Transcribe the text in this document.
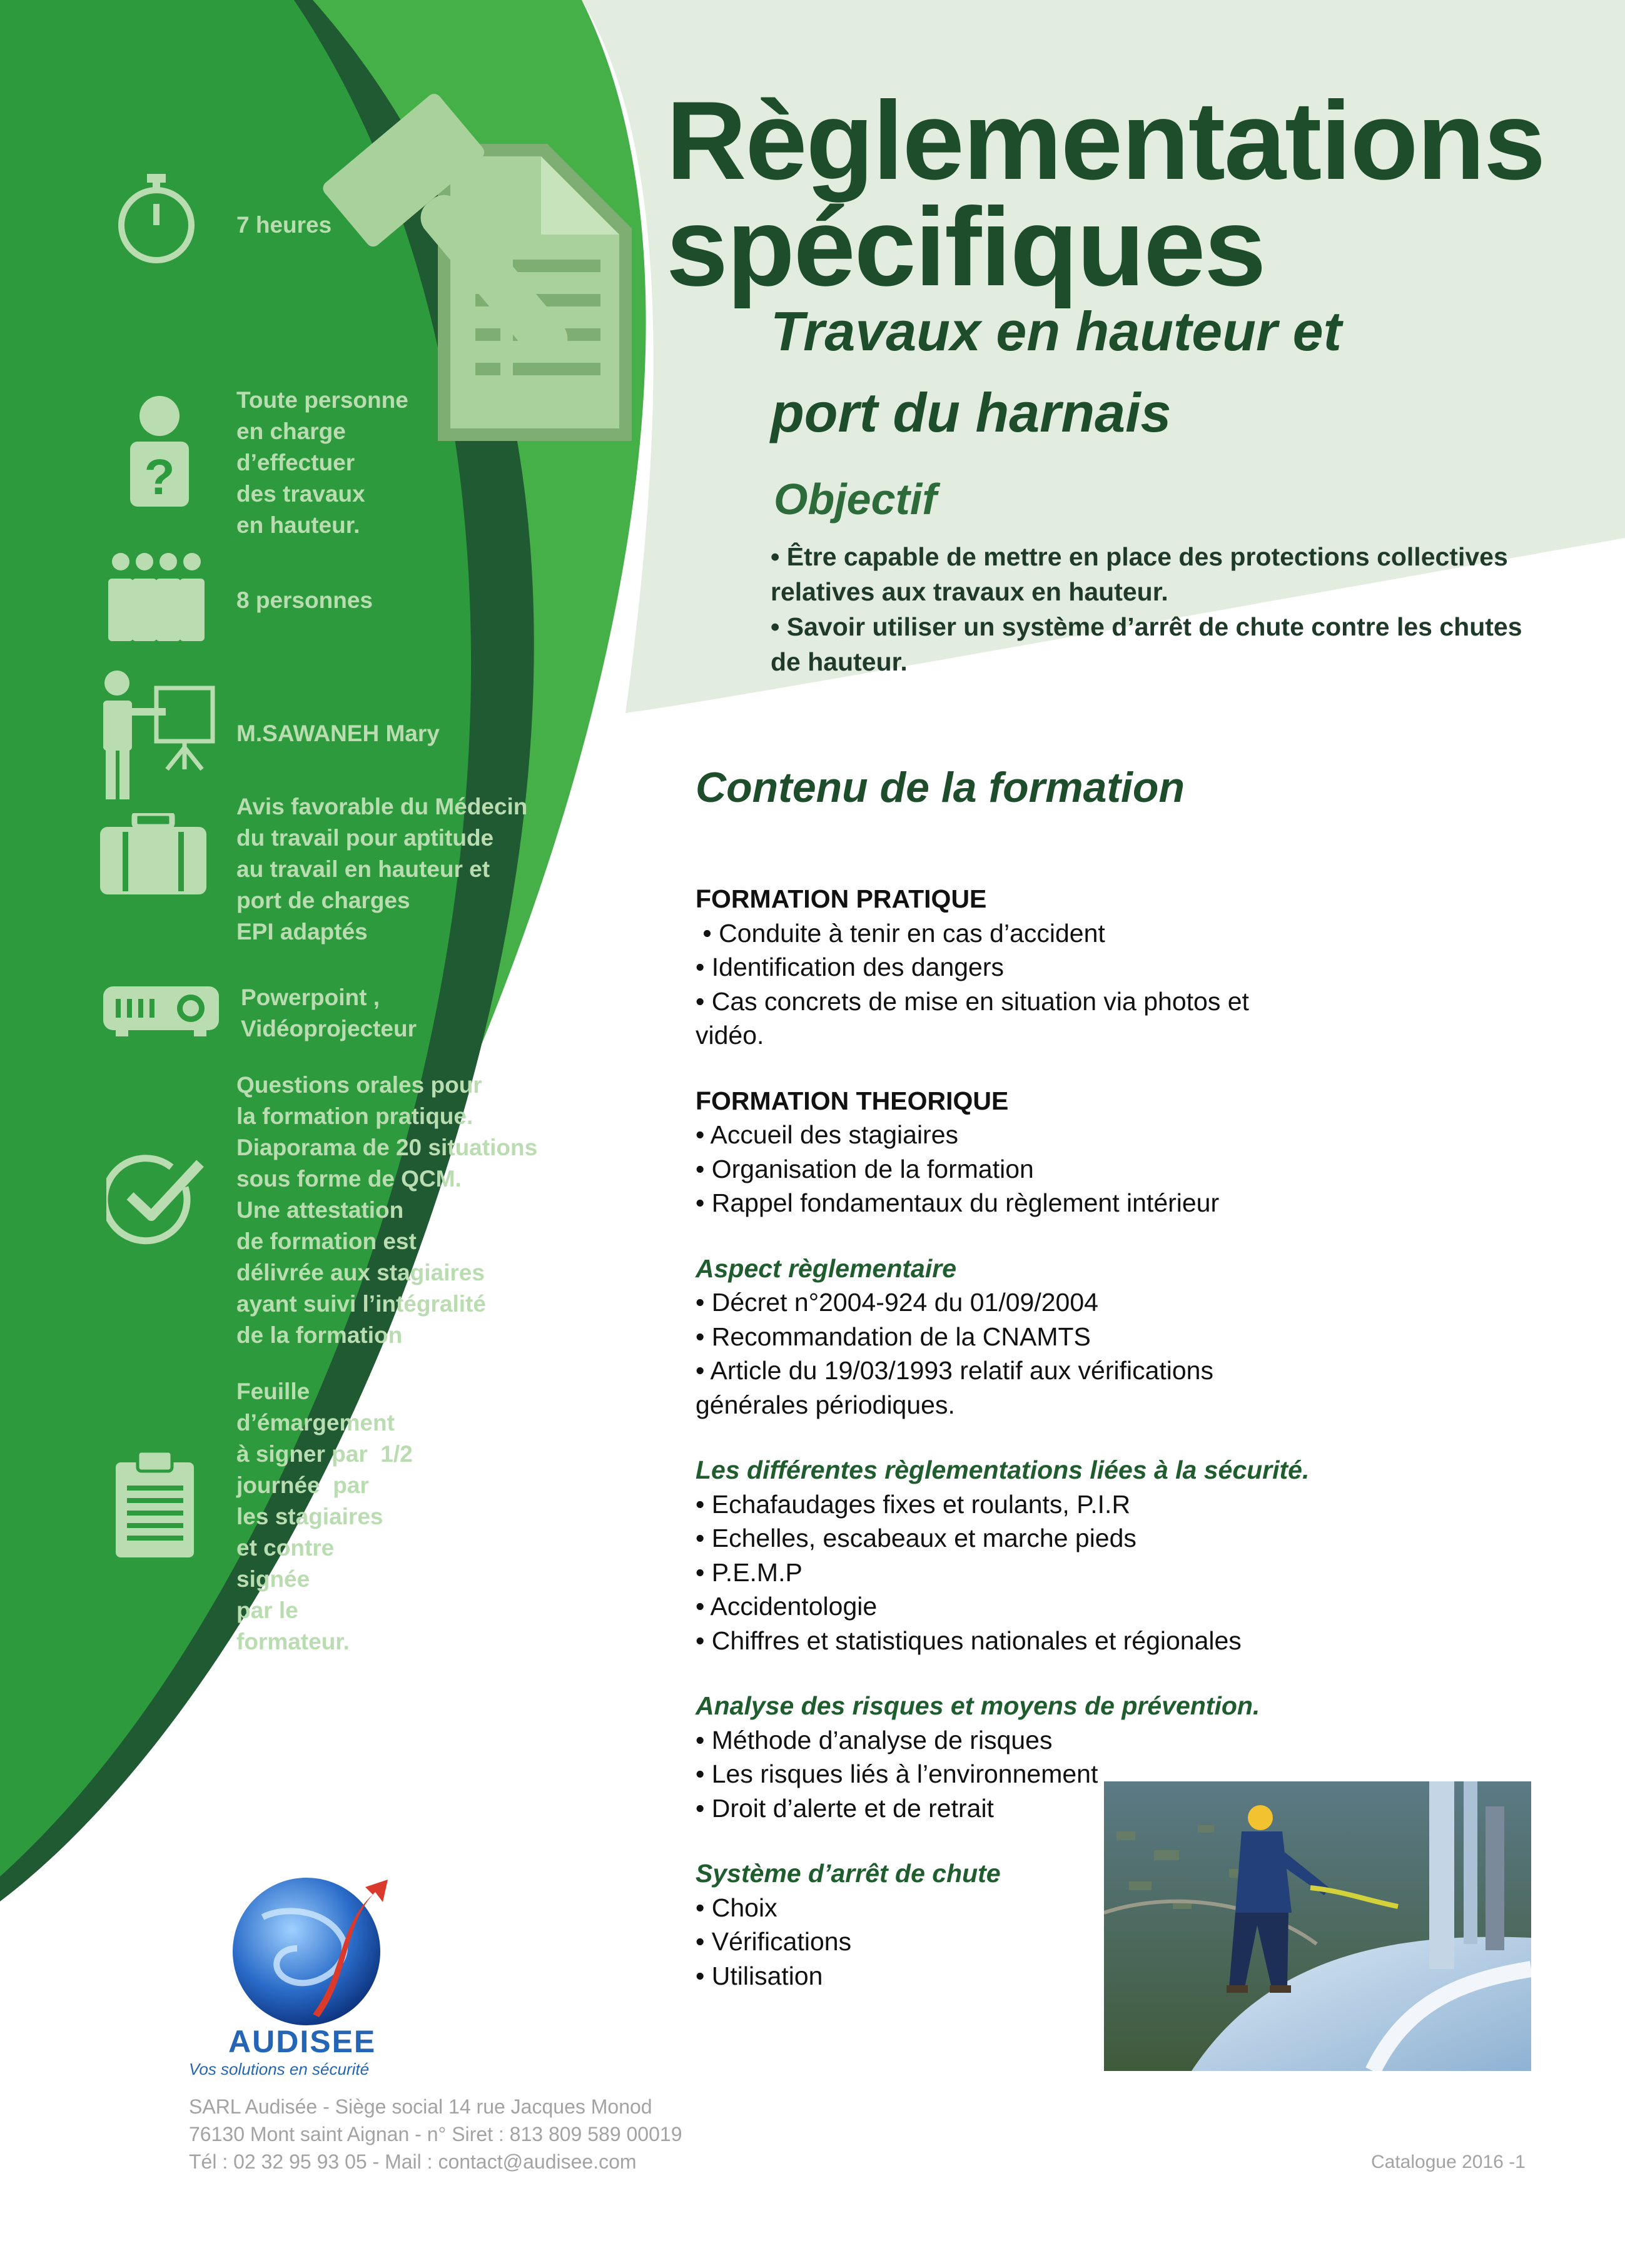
Règlementations
spécifiques
Travaux en hauteur et
port du harnais
Objectif
• Être capable de mettre en place des protections collectives relatives aux travaux en hauteur.
• Savoir utiliser un système d’arrêt de chute contre les chutes de hauteur.
Contenu de la formation
FORMATION PRATIQUE
• Conduite à tenir en cas d’accident
• Identification des dangers
• Cas concrets de mise en situation via photos et vidéo.
FORMATION THEORIQUE
• Accueil des stagiaires
• Organisation de la formation
• Rappel fondamentaux du règlement intérieur
Aspect règlementaire
• Décret n°2004-924 du 01/09/2004
• Recommandation de la CNAMTS
• Article du 19/03/1993 relatif aux vérifications
générales périodiques.
Les différentes règlementations liées à la sécurité.
• Echafaudages fixes et roulants, P.I.R
• Echelles, escabeaux et marche pieds
• P.E.M.P
• Accidentologie
• Chiffres et statistiques nationales et régionales
Analyse des risques et moyens de prévention.
• Méthode d’analyse de risques
• Les risques liés à l’environnement
• Droit d’alerte et de retrait
Système d’arrêt de chute
• Choix
• Vérifications
• Utilisation
7 heures
?
Toute personne
en charge
d’effectuer
des travaux
en hauteur.
8 personnes
M.SAWANEH Mary
Avis favorable du Médecin
du travail pour aptitude
au travail en hauteur et
port de charges
EPI adaptés
Powerpoint ,
Vidéoprojecteur
Questions orales pour
la formation pratique.
Diaporama de 20 situations
sous forme de QCM.
Une attestation
de formation est
délivrée aux stagiaires
ayant suivi l’intégralité
de la formation
Feuille
d’émargement
à signer par  1/2
journée  par
les stagiaires
et contre
signée
par le
formateur.
AUDISEE
Vos solutions en sécurité
SARL Audisée - Siège social 14 rue Jacques Monod
76130 Mont saint Aignan - n° Siret : 813 809 589 00019
Tél : 02 32 95 93 05 - Mail : contact@audisee.com	Catalogue 2016 -1
